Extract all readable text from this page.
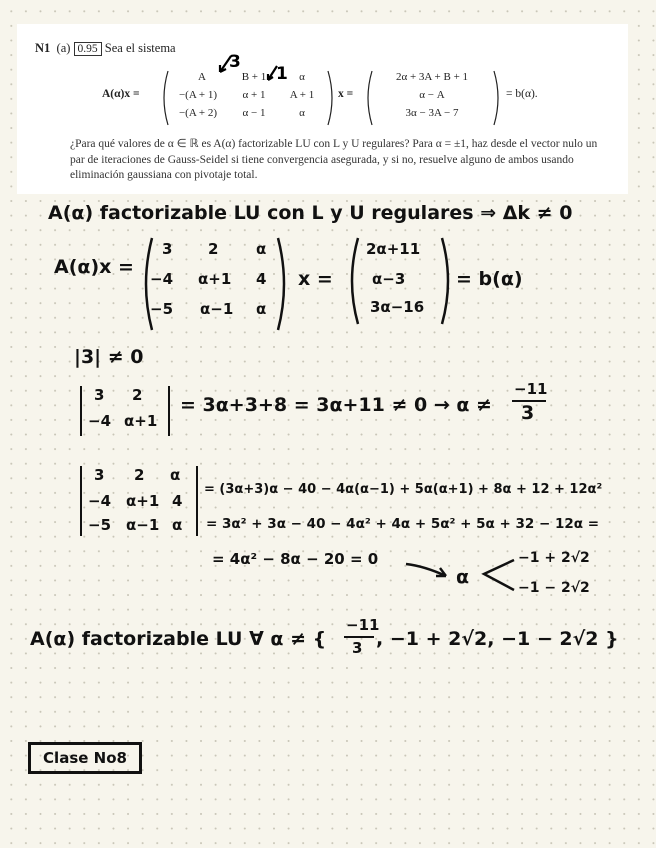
N1 (a) 0.95 Sea el sistema
3
1
A(α)x =
A	B + 1	α
−(A + 1)	α + 1	A + 1
−(A + 2)	α − 1	α
x =
2α + 3A + B + 1
α − A
3α − 3A − 7
= b(α).
¿Para qué valores de α ∈ ℝ es A(α) factorizable LU con L y U regulares? Para α = ±1, haz desde el vector nulo un par de iteraciones de Gauss-Seidel si tiene convergencia asegurada, y si no, resuelve alguno de ambos usando eliminación gaussiana con pivotaje total.
A(α) factorizable LU con L y U regulares ⇒ Δk ≠ 0
A(α)x =
3 2	α
−4 α+1 4
−5 α−1 α
x =
2α+11
α−3
3α−16
= b(α)
|3| ≠ 0
3 2
−4 α+1
= 3α+3+8 = 3α+11 ≠ 0 → α ≠
−11
3
3 2 α
−4 α+1 4
−5 α−1 α
= (3α+3)α − 40 − 4α(α−1) + 5α(α+1) + 8α + 12 + 12α²
= 3α² + 3α − 40 − 4α² + 4α + 5α² + 5α + 32 − 12α =
= 4α² − 8α − 20 = 0
α
−1 + 2√2
−1 − 2√2
A(α) factorizable LU ∀ α ≠ {
−11
3 , −1 + 2√2, −1 − 2√2 }
Clase No8
